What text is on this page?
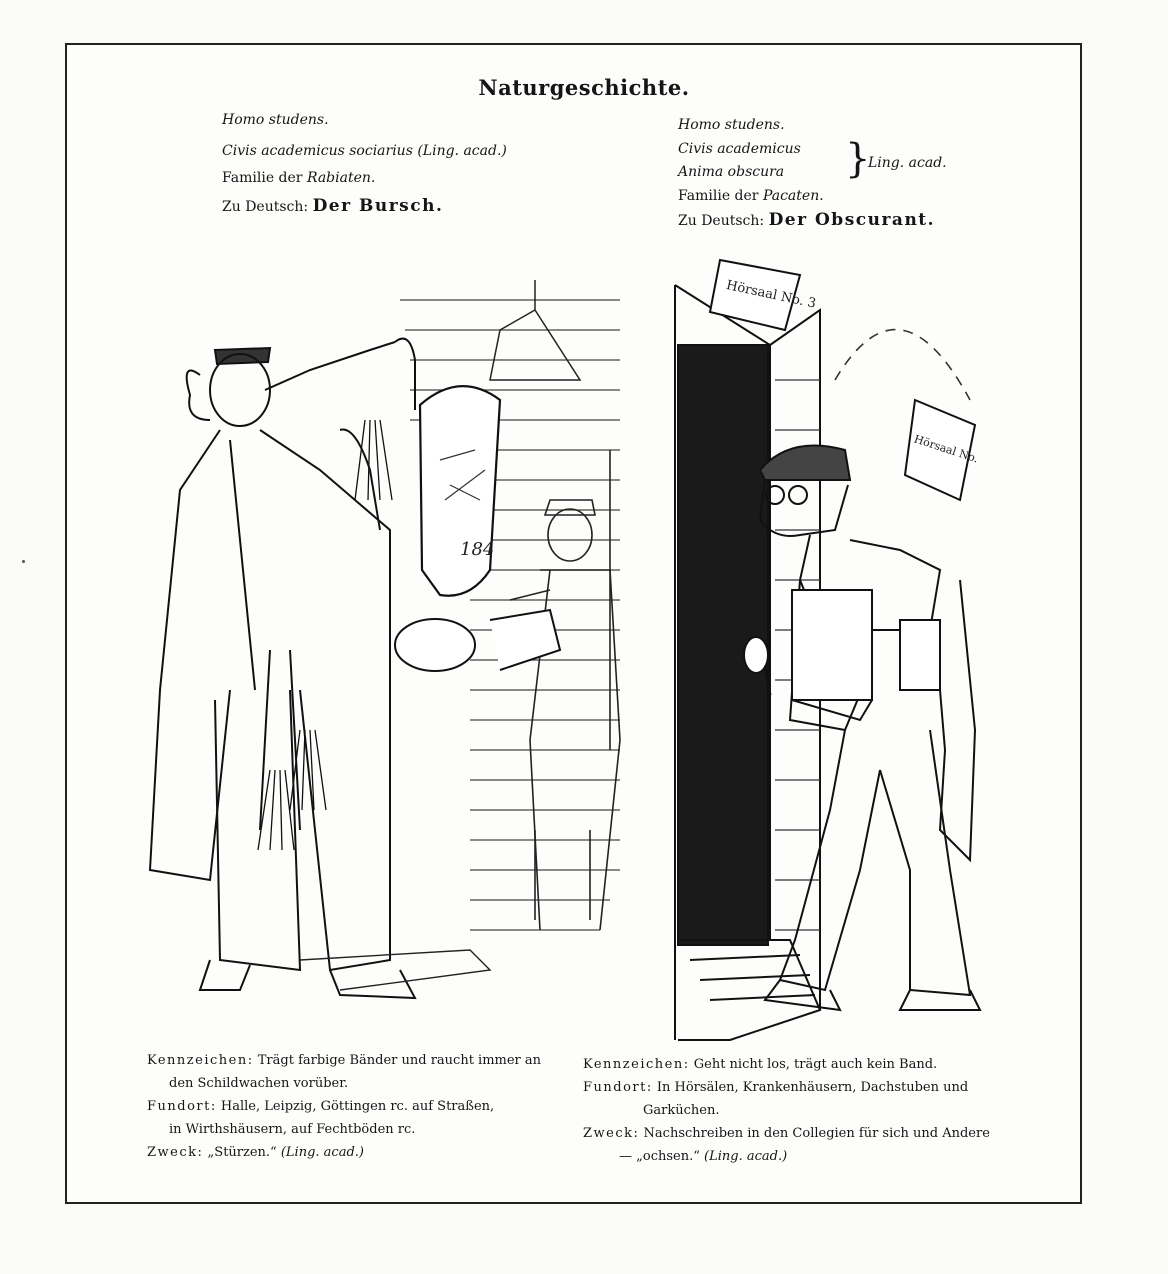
Naturgeschichte.
Homo studens.
Civis academicus sociarius (Ling. acad.)
Familie der Rabiaten.
Zu Deutsch: Der Bursch.
Homo studens.
Civis academicus
Anima obscura }
Ling. acad.
Familie der Pacaten.
Zu Deutsch: Der Obscurant.
184
Hörsaal No. 3
Hörsaal No.
Kennzeichen: Trägt farbige Bänder und raucht immer an
den Schildwachen vorüber.
Fundort: Halle, Leipzig, Göttingen rc. auf Straßen,
in Wirthshäusern, auf Fechtböden rc.
Zweck: „Stürzen.“ (Ling. acad.)
Kennzeichen: Geht nicht los, trägt auch kein Band.
Fundort: In Hörsälen, Krankenhäusern, Dachstuben und
Garküchen.
Zweck: Nachschreiben in den Collegien für sich und Andere
— „ochsen.“ (Ling. acad.)
